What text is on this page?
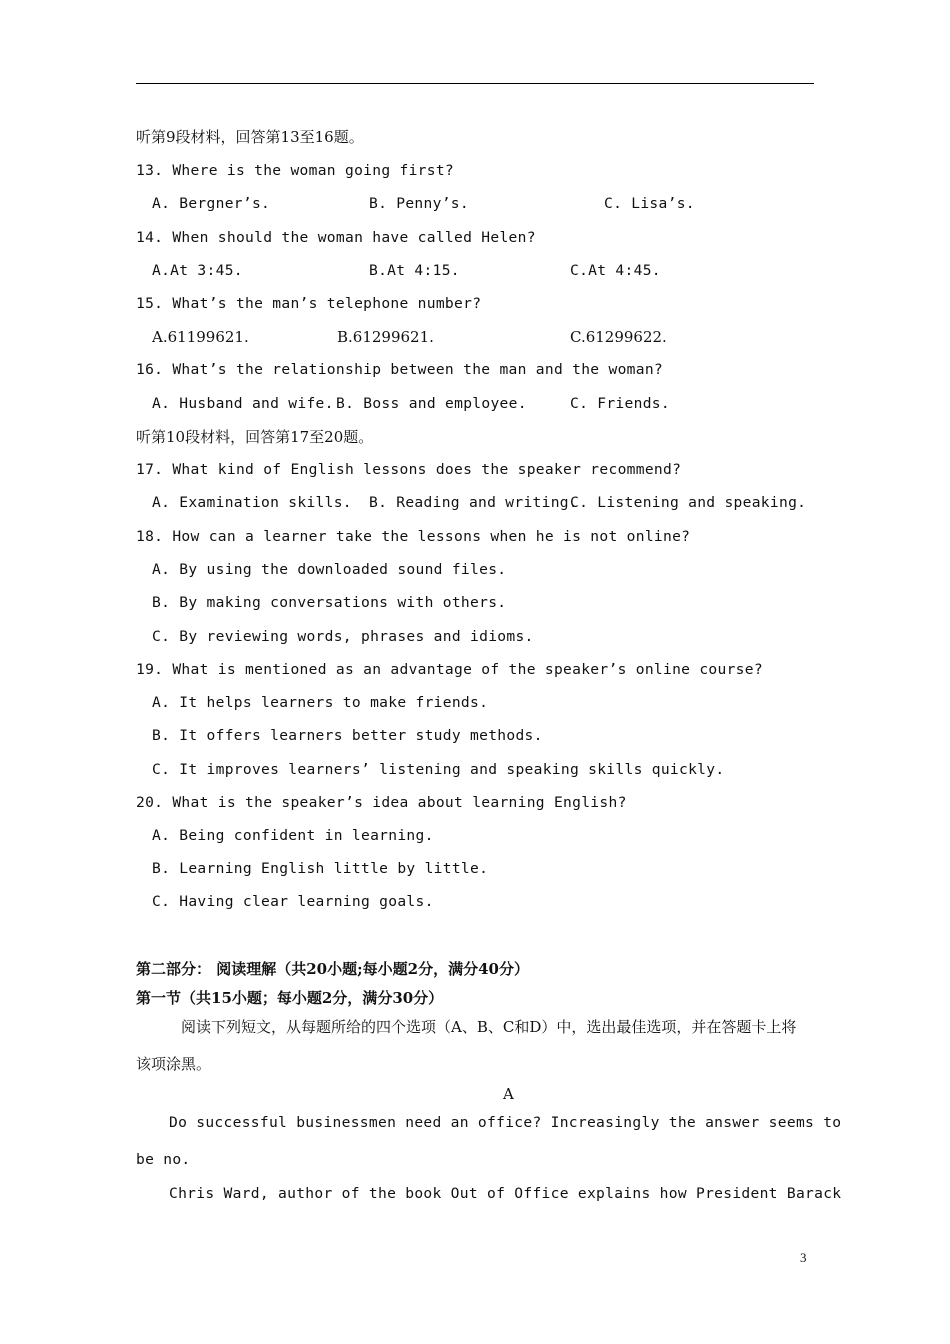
听第9段材料，回答第13至16题。
13. Where is the woman going first?
A. Bergner’s.	B. Penny’s.	C. Lisa’s.
14. When should the woman have called Helen?
A.At 3:45.	B.At 4:15.	C.At 4:45.
15. What’s the man’s telephone number?
A.61199621.	B.61299621.	C.61299622.
16. What’s the relationship between the man and the woman?
A. Husband and wife. B. Boss and employee.	C. Friends.
听第10段材料，回答第17至20题。
17. What kind of English lessons does the speaker recommend?
A. Examination skills. B. Reading and writing.
C. Listening and speaking.
18. How can a learner take the lessons when he is not online?
A. By using the downloaded sound files.
B. By making conversations with others.
C. By reviewing words, phrases and idioms.
19. What is mentioned as an advantage of the speaker’s online course?
A. It helps learners to make friends.
B. It offers learners better study methods.
C. It improves learners’ listening and speaking skills quickly.
20. What is the speaker’s idea about learning English?
A. Being confident in learning.
B. Learning English little by little.
C. Having clear learning goals.
第二部分： 阅读理解（共20小题;每小题2分，满分40分）
第一节（共15小题；每小题2分，满分30分）
阅读下列短文，从每题所给的四个选项（A、B、C和D）中，选出最佳选项，并在答题卡上将
该项涂黑。
A
Do successful businessmen need an office? Increasingly the answer seems to
be no.
Chris Ward, author of the book Out of Office explains how President Barack
3
